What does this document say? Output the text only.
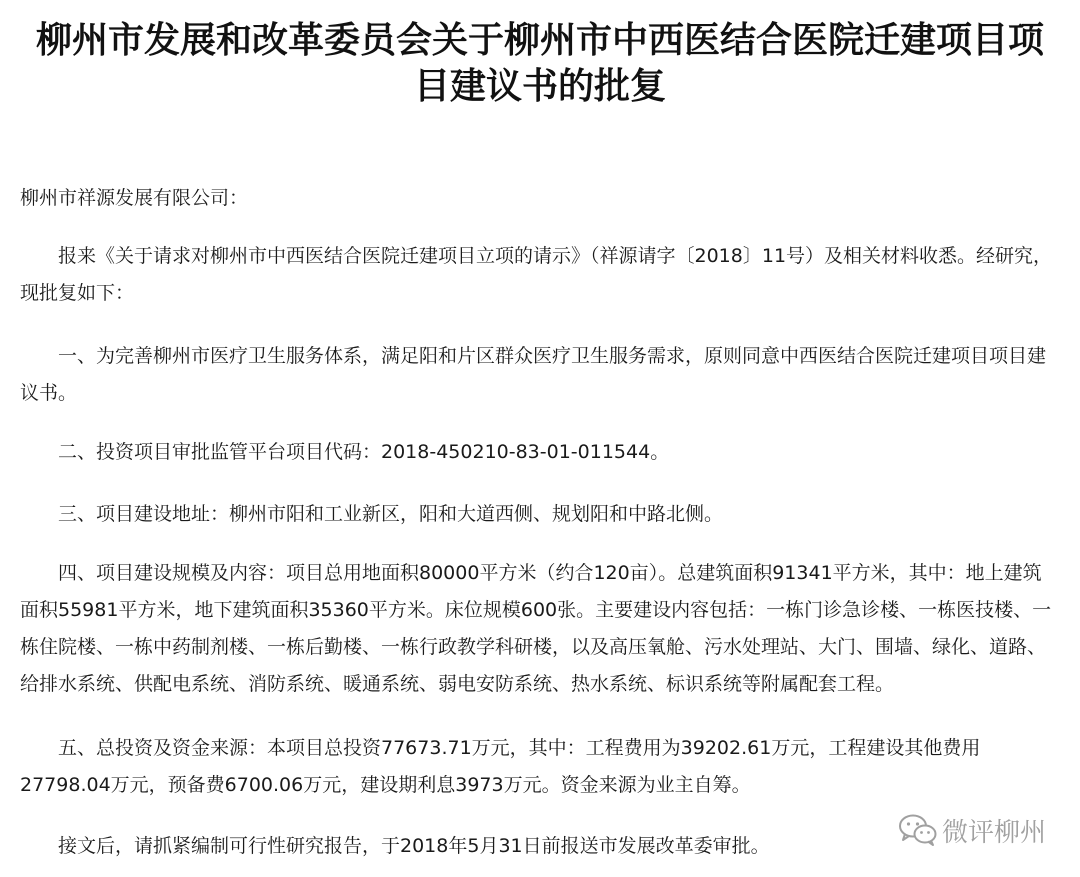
柳州市发展和改革委员会关于柳州市中西医结合医院迁建项目项目建议书的批复

柳州市祥源发展有限公司：

报来《关于请求对柳州市中西医结合医院迁建项目立项的请示》（祥源请字〔2018〕11号）及相关材料收悉。经研究，现批复如下：

一、为完善柳州市医疗卫生服务体系，满足阳和片区群众医疗卫生服务需求，原则同意中西医结合医院迁建项目项目建议书。

二、投资项目审批监管平台项目代码：2018-450210-83-01-011544。

三、项目建设地址：柳州市阳和工业新区，阳和大道西侧、规划阳和中路北侧。

四、项目建设规模及内容：项目总用地面积80000平方米（约合120亩）。总建筑面积91341平方米，其中：地上建筑面积55981平方米，地下建筑面积35360平方米。床位规模600张。主要建设内容包括：一栋门诊急诊楼、一栋医技楼、一栋住院楼、一栋中药制剂楼、一栋后勤楼、一栋行政教学科研楼，以及高压氧舱、污水处理站、大门、围墙、绿化、道路、给排水系统、供配电系统、消防系统、暖通系统、弱电安防系统、热水系统、标识系统等附属配套工程。

五、总投资及资金来源：本项目总投资77673.71万元，其中：工程费用为39202.61万元，工程建设其他费用27798.04万元，预备费6700.06万元，建设期利息3973万元。资金来源为业主自筹。

接文后，请抓紧编制可行性研究报告，于2018年5月31日前报送市发展改革委审批。	微评柳州
